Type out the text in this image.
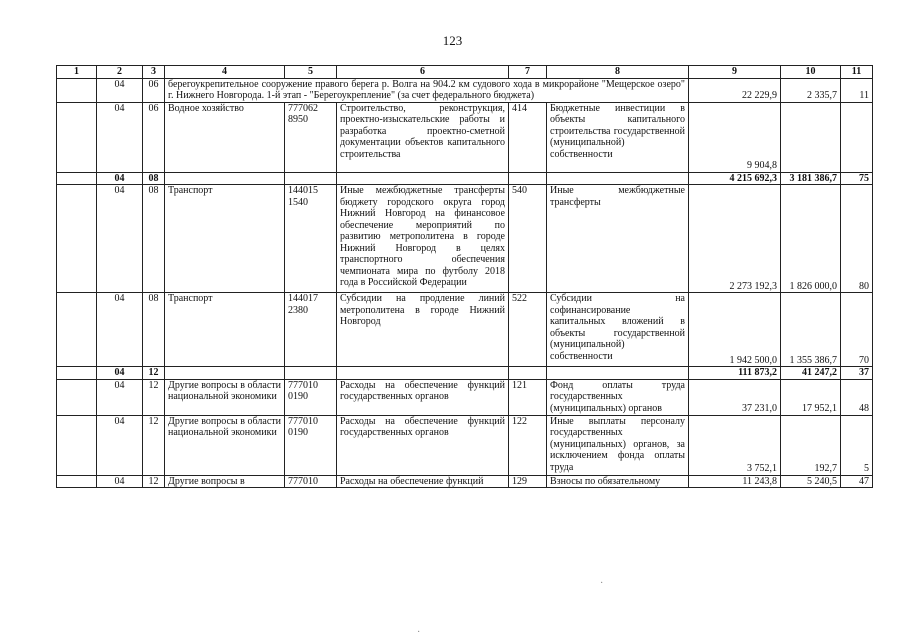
123
1	2	3	4	5	6	7	8	9	10	11
	04	06	берегоукрепительное сооружение правого берега р. Волга на 904.2 км судового хода в микрорайоне "Мещерское озеро" г. Нижнего Новгорода. 1-й этап - "Берегоукрепление" (за счет федерального бюджета)					22 229,9	2 335,7	11
	04	06	Водное хозяйство	777062 8950	Строительство, реконструкция, проектно-изыскательские работы и разработка проектно-сметной документации объектов капитального строительства	414	Бюджетные инвестиции в объекты капитального строительства государственной (муниципальной) собственности	9 904,8		
	04	08						4 215 692,3	3 181 386,7	75
	04	08	Транспорт	144015 1540	Иные межбюджетные трансферты бюджету городского округа город Нижний Новгород на финансовое обеспечение мероприятий по развитию метрополитена в городе Нижний Новгород в целях транспортного обеспечения чемпионата мира по футболу 2018 года в Российской Федерации	540	Иные межбюджетные трансферты	2 273 192,3	1 826 000,0	80
	04	08	Транспорт	144017 2380	Субсидии на продление линий метрополитена в городе Нижний Новгород	522	Субсидии на софинансирование капитальных вложений в объекты государственной (муниципальной) собственности	1 942 500,0	1 355 386,7	70
	04	12						111 873,2	41 247,2	37
	04	12	Другие вопросы в области национальной экономики	777010 0190	Расходы на обеспечение функций государственных органов	121	Фонд оплаты труда государственных (муниципальных) органов	37 231,0	17 952,1	48
	04	12	Другие вопросы в области национальной экономики	777010 0190	Расходы на обеспечение функций государственных органов	122	Иные выплаты персоналу государственных (муниципальных) органов, за исключением фонда оплаты труда	3 752,1	192,7	5
	04	12	Другие вопросы в	777010	Расходы на обеспечение функций	129	Взносы по обязательному	11 243,8	5 240,5	47
·
·
